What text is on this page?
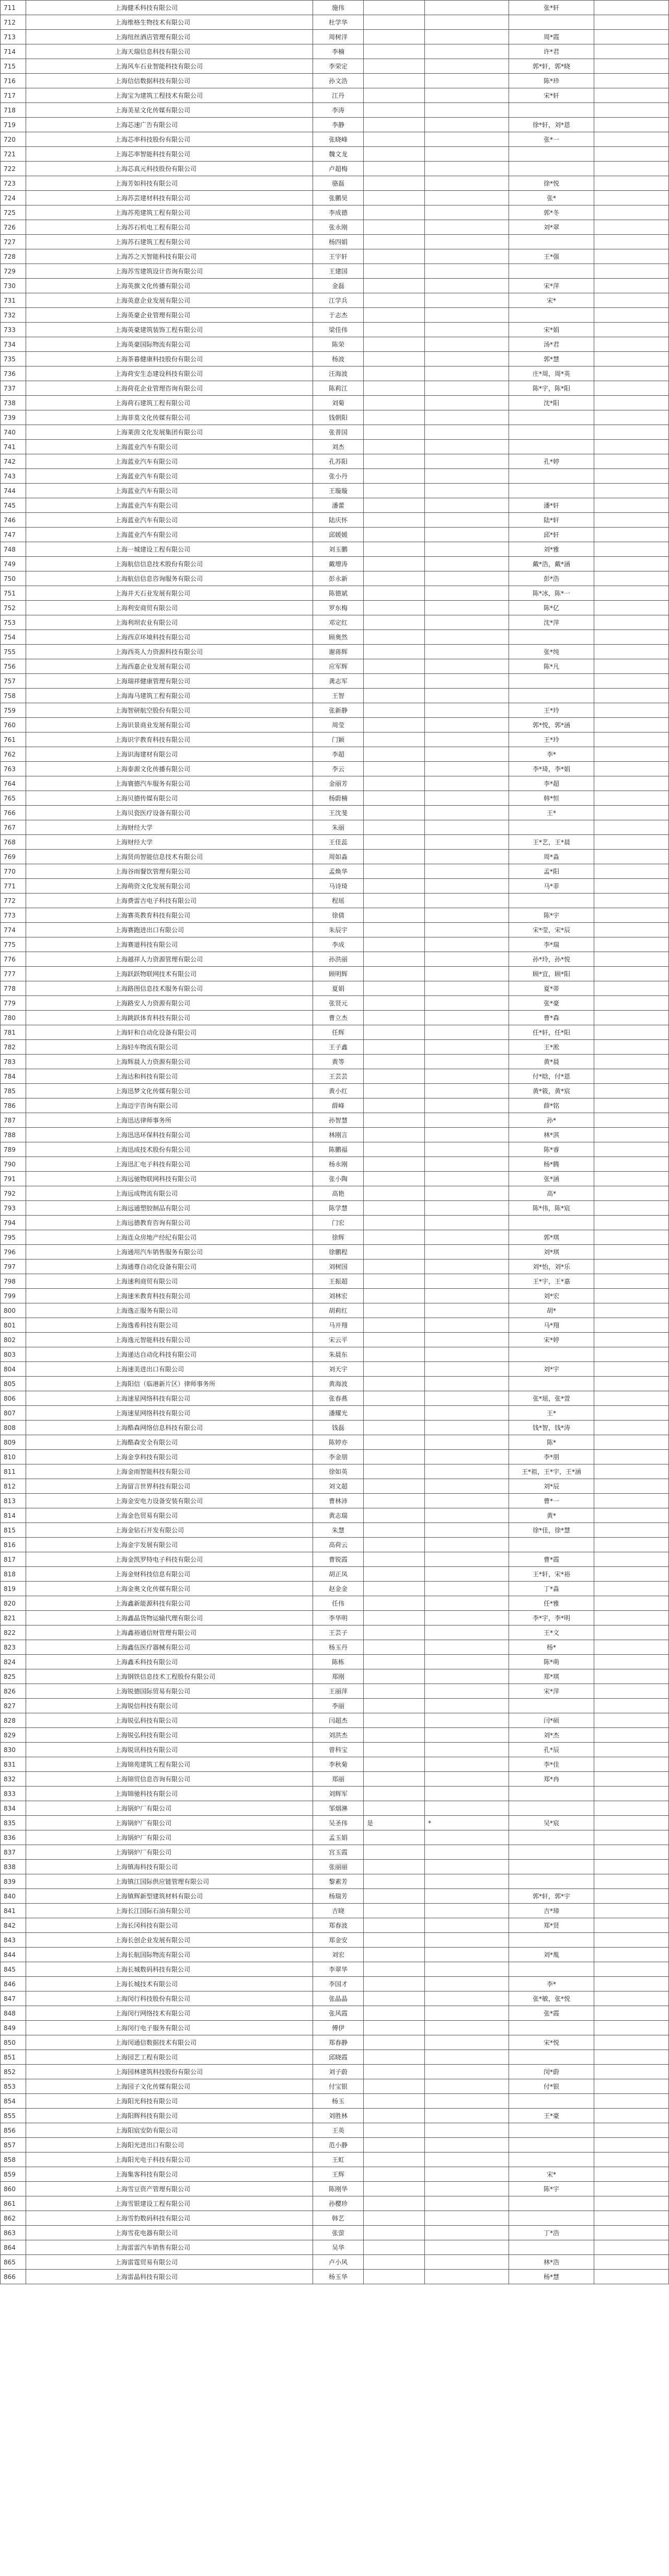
711	上海健禾科技有限公司	施伟			张*轩	
712	上海维格生物技术有限公司	杜学华				
713	上海纽丝酒店管理有限公司	周树洋			周*霞	
714	上海天瑞信息科技有限公司	李楠			许*君	
715	上海风车石业智能科技有限公司	李荣定			郭*轩，郭*晓	
716	上海信信数据科技有限公司	孙文浩			陈*珍	
717	上海宝为建筑工程技术有限公司	江丹			宋*轩	
718	上海美星文化传媒有限公司	李涛				
719	上海芯速广告有限公司	李静			徐*轩，刘*恩	
720	上海芯率科技股份有限公司	张晓峰			张*一	
721	上海芯率智能科技有限公司	魏文龙				
722	上海芯真元科技股份有限公司	卢超梅				
723	上海芳如科技有限公司	骆磊			徐*悦	
724	上海苏芸建材科技有限公司	张鹏昊			张*	
725	上海苏苑建筑工程有限公司	李成德			郭*冬	
726	上海苏石机电工程有限公司	张永刚			刘*翠	
727	上海苏石建筑工程有限公司	杨四娟				
728	上海苏之天智能科技有限公司	王宇轩			王*强	
729	上海苏雪建筑设计咨询有限公司	王建国				
730	上海英旗文化传播有限公司	金磊			宋*萍	
731	上海英意企业发展有限公司	江学兵			宋*	
732	上海英豪企业管理有限公司	于志杰				
733	上海英豪建筑装饰工程有限公司	梁佳伟			宋*娟	
734	上海英豪国际物流有限公司	陈荣			汤*君	
735	上海茶暮健康科技股份有限公司	杨波			郭*慧	
736	上海荷安生态建设科技有限公司	汪海波			庄*周，周*英	
737	上海荷花企业管理咨询有限公司	陈莉江			陈*宇，陈*阳	
738	上海荷石建筑工程有限公司	刘菊			沈*阳	
739	上海菲莫文化传媒有限公司	钱朝阳				
740	上海莱茵文化发展集团有限公司	张普国				
741	上海蓝业汽车有限公司	刘杰				
742	上海蓝业汽车有限公司	孔苏阳			孔*婷	
743	上海蓝业汽车有限公司	张小丹				
744	上海蓝业汽车有限公司	王璇璇				
745	上海蓝业汽车有限公司	潘蕾			潘*轩	
746	上海蓝业汽车有限公司	陆庆怀			陆*轩	
747	上海蓝业汽车有限公司	邱媛媛			邱*轩	
748	上海一城建设工程有限公司	刘玉鹏			刘*雅	
749	上海航信信息技术股份有限公司	戴增涛			戴*浩，戴*涵	
750	上海航信信息咨询服务有限公司	彭永新			彭*浩	
751	上海并天石业发展有限公司	陈德斌			陈*冰，陈*一	
752	上海利安商贸有限公司	罗东梅			陈*亿	
753	上海利坝农业有限公司	邓定红			沈*萍	
754	上海西京环境科技有限公司	顾奥然				
755	上海西英人力资源科技有限公司	谢蒋辉			张*纯	
756	上海西嘉企业发展有限公司	应军辉			陈*凡	
757	上海瑞祥健康管理有限公司	龚志军				
758	上海海马建筑工程有限公司	王智				
759	上海智研航空股份有限公司	张新静			王*玲	
760	上海识景商业发展有限公司	周莹			郭*悦，郭*涵	
761	上海识宇教育科技有限公司	门颖			王*玲	
762	上海识海建材有限公司	李超			李*	
763	上海泰源文化传播有限公司	李云			李*琦，李*娟	
764	上海寰德汽车服务有限公司	金丽芳			李*超	
765	上海贝德传媒有限公司	杨蔚楠			韩*恒	
766	上海贝瓷医疗设备有限公司	王沈斐			王*	
767	上海财经大学	朱丽				
768	上海财经大学	王佳蕊			王*艺，王*晨	
769	上海贤尚智能信息技术有限公司	周如淼			周*淼	
770	上海谷雨餐饮管理有限公司	孟焕华			孟*阳	
771	上海萌资文化发展有限公司	马诗琦			马*菲	
772	上海费雷吉电子科技有限公司	程瑶				
773	上海赛英教育科技有限公司	徐倩			陈*宇	
774	上海赛跑进出口有限公司	朱辰宇			宋*莹，宋*辰	
775	上海赛道科技有限公司	李成			李*瑞	
776	上海越祥人力资源管理有限公司	孙洪丽			孙*玲，孙*悦	
777	上海跃跃物联网技术有限公司	顾明辉			顾*宜，顾*阳	
778	上海路图信息技术服务有限公司	夏娟			夏*蒂	
779	上海路安人力资源有限公司	张贤元			张*豪	
780	上海跳跃体育科技有限公司	曹立杰			曹*森	
781	上海轩和自动化设备有限公司	任辉			任*轩，任*阳	
782	上海轻车物流有限公司	王子鑫			王*淞	
783	上海辉晨人力资源有限公司	黄等			黄*晨	
784	上海达和科技有限公司	王芸芸			付*晗，付*恩	
785	上海迅梦文化传媒有限公司	黄小红			黄*筱，黄*宸	
786	上海迈宇咨询有限公司	薛峰			薛*铭	
787	上海迅达律师事务所	孙智慧			孙*	
788	上海迅迅环保科技有限公司	林刚言			林*淇	
789	上海迅成技术股份有限公司	陈鹏福			陈*睿	
790	上海迅汇电子科技有限公司	杨永刚			杨*腾	
791	上海远驰物联网科技有限公司	张小陶			张*涵	
792	上海远成物流有限公司	高艳			高*	
793	上海远通塑胶制品有限公司	陈学慧			陈*伟，陈*宸	
794	上海远德教育咨询有限公司	门宏				
795	上海连众房地产经纪有限公司	徐辉			郭*琪	
796	上海通用汽车销售服务有限公司	徐鹏程			刘*琪	
797	上海通尊自动化设备有限公司	刘树国			刘*怡，刘*乐	
798	上海速利商贸有限公司	王振超			王*宇，王*嘉	
799	上海速米教育科技有限公司	刘林宏			刘*宏	
800	上海逸正服务有限公司	胡莉红			胡*	
801	上海逸希科技有限公司	马开翔			马*翔	
802	上海逸元智能科技有限公司	宋云平			宋*婷	
803	上海递达自动化科技有限公司	朱晨东				
804	上海速美进出口有限公司	刘天宇			刘*宇	
805	上海阳信（临港新片区）律师事务所	黄海波				
806	上海速星网络科技有限公司	张春燕			张*瑶，张*萱	
807	上海速星网络科技有限公司	潘耀光			王*	
808	上海酷森网络信息科技有限公司	钱磊			钱*智，钱*涛	
809	上海酷森安全有限公司	陈婷亦			陈*	
810	上海金享科技有限公司	李金朋			李*朋	
811	上海金雨智能科技有限公司	徐如英			王*祖，王*宇，王*涵	
812	上海留言世界科技有限公司	刘文超			刘*辰	
813	上海金安电力设备安装有限公司	曹林沛			曹*一	
814	上海金色贸易有限公司	黄志瑞			黄*	
815	上海金钻石开发有限公司	朱慧			徐*佳，徐*慧	
816	上海金宇发展有限公司	高荷云				
817	上海金凯罗特电子科技有限公司	曹锐霞			曹*霞	
818	上海金财科技信息有限公司	胡正凤			王*轩，宋*裕	
819	上海金奥文化传媒有限公司	赵金金			丁*淼	
820	上海鑫新能源科技有限公司	任伟			任*雅	
821	上海鑫晶货物运输代理有限公司	李华明			李*宇，李*明	
822	上海鑫裕通信财管理有限公司	王芸子			王*文	
823	上海鑫伍医疗器械有限公司	杨玉丹			杨*	
824	上海鑫禾科技有限公司	陈栋			陈*萌	
825	上海钢铁信息技术工程股份有限公司	郑刚			郑*琪	
826	上海锐德国际贸易有限公司	王丽萍			宋*萍	
827	上海锐信科技有限公司	李丽				
828	上海锐弘科技有限公司	闫超杰			闫*硕	
829	上海锐弘科技有限公司	刘洪杰			刘*杰	
830	上海锐讯科技有限公司	曾科宝			孔*辰	
831	上海锦苑建筑工程有限公司	李秋菊			李*佳	
832	上海锦贸信息咨询有限公司	郑丽			郑*冉	
833	上海锦驰科技有限公司	刘辉军				
834	上海锅炉厂有限公司	邹烟淋				
835	上海锅炉厂有限公司	吴圣伟	是	*	吴*宸	
836	上海锅炉厂有限公司	孟玉娟				
837	上海锅炉厂有限公司	宫玉霞				
838	上海镇海科技有限公司	张丽丽				
839	上海镇江国际供应链管理有限公司	黎素芳				
840	上海镇辉新型建筑材料有限公司	杨瑞芳			郭*轩，郭*宇	
841	上海长江国际石油有限公司	吉晓			吉*璋	
842	上海长冈科技有限公司	郑春波			郑*贤	
843	上海长创企业发展有限公司	郑金安				
844	上海长航国际物流有限公司	刘宏			刘*胤	
845	上海长城数码科技有限公司	李翠华				
846	上海长城技术有限公司	李国才			李*	
847	上海闵行科技股份有限公司	张晶晶			张*敏，张*悦	
848	上海闵行网络技术有限公司	张风霞			张*霞	
849	上海闵行电子服务有限公司	傅伊				
850	上海闵通信数据技术有限公司	郑春静			宋*悦	
851	上海园艺工程有限公司	邱晓霞				
852	上海园林建筑科技股份有限公司	刘子蔚			闵*蔚	
853	上海园子文化传媒有限公司	付宝银			付*银	
854	上海阳光科技有限公司	杨玉				
855	上海阳辉科技有限公司	刘胜林			王*豪	
856	上海阳宸安防有限公司	王英				
857	上海阳光进出口有限公司	范小静				
858	上海阳光电子科技有限公司	王虹				
859	上海集客科技有限公司	王辉			宋*	
860	上海雪豆资产管理有限公司	陈刚华			陈*宇	
861	上海雪银建设工程有限公司	孙樱珍				
862	上海雪豹数码科技有限公司	韩艺				
863	上海雪花电器有限公司	张萤			丁*浩	
864	上海雷雷汽车销售有限公司	吴华				
865	上海雷霆贸易有限公司	卢小风			林*浩	
866	上海雷晶科技有限公司	杨玉华			杨*慧	
